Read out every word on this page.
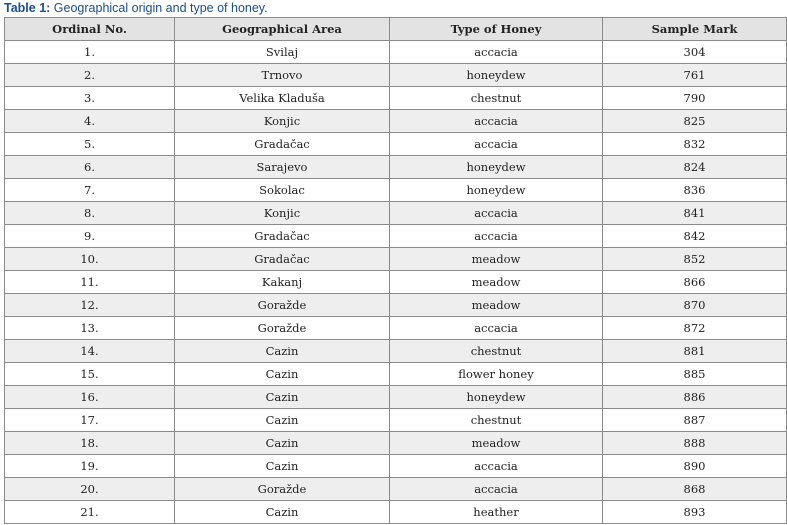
Table 1: Geographical origin and type of honey.
Ordinal No.	Geographical Area	Type of Honey	Sample Mark
1.	Svilaj	accacia	304
2.	Trnovo	honeydew	761
3.	Velika Kladuša	chestnut	790
4.	Konjic	accacia	825
5.	Gradačac	accacia	832
6.	Sarajevo	honeydew	824
7.	Sokolac	honeydew	836
8.	Konjic	accacia	841
9.	Gradačac	accacia	842
10.	Gradačac	meadow	852
11.	Kakanj	meadow	866
12.	Goražde	meadow	870
13.	Goražde	accacia	872
14.	Cazin	chestnut	881
15.	Cazin	flower honey	885
16.	Cazin	honeydew	886
17.	Cazin	chestnut	887
18.	Cazin	meadow	888
19.	Cazin	accacia	890
20.	Goražde	accacia	868
21.	Cazin	heather	893
